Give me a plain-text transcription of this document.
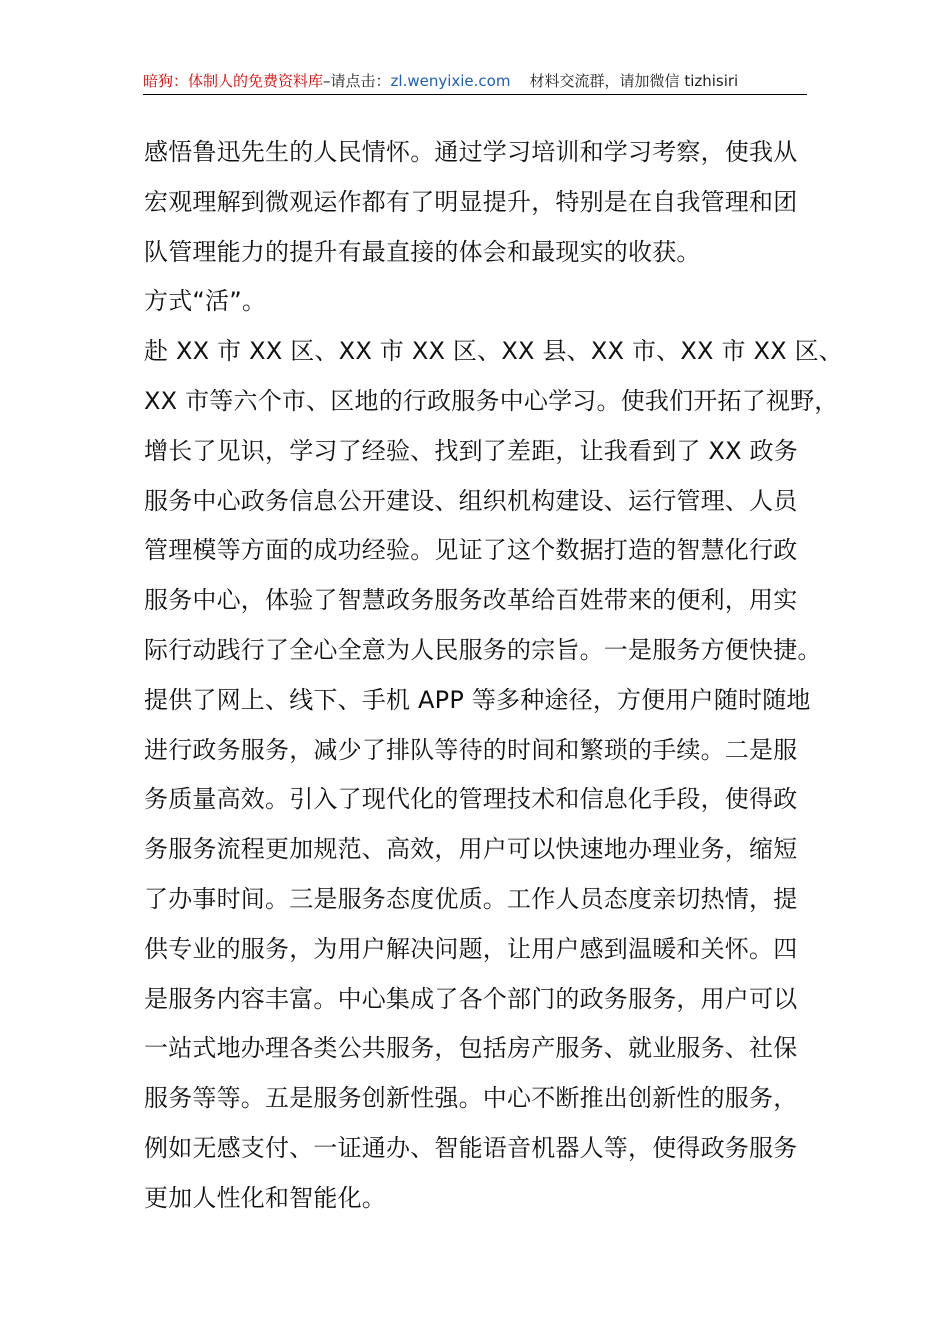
暗狗：体制人的免费资料库–请点击：zl.wenyixie.com 材料交流群，请加微信 tizhisiri
感悟鲁迅先生的人民情怀。通过学习培训和学习考察，使我从
宏观理解到微观运作都有了明显提升，特别是在自我管理和团
队管理能力的提升有最直接的体会和最现实的收获。
方式“活”。
赴 XX 市 XX 区、XX 市 XX 区、XX 县、XX 市、XX 市 XX 区、
XX 市等六个市、区地的行政服务中心学习。使我们开拓了视野，
增长了见识，学习了经验、找到了差距，让我看到了 XX 政务
服务中心政务信息公开建设、组织机构建设、运行管理、人员
管理模等方面的成功经验。见证了这个数据打造的智慧化行政
服务中心，体验了智慧政务服务改革给百姓带来的便利，用实
际行动践行了全心全意为人民服务的宗旨。一是服务方便快捷。
提供了网上、线下、手机 APP 等多种途径，方便用户随时随地
进行政务服务，减少了排队等待的时间和繁琐的手续。二是服
务质量高效。引入了现代化的管理技术和信息化手段，使得政
务服务流程更加规范、高效，用户可以快速地办理业务，缩短
了办事时间。三是服务态度优质。工作人员态度亲切热情，提
供专业的服务，为用户解决问题，让用户感到温暖和关怀。四
是服务内容丰富。中心集成了各个部门的政务服务，用户可以
一站式地办理各类公共服务，包括房产服务、就业服务、社保
服务等等。五是服务创新性强。中心不断推出创新性的服务，
例如无感支付、一证通办、智能语音机器人等，使得政务服务
更加人性化和智能化。
